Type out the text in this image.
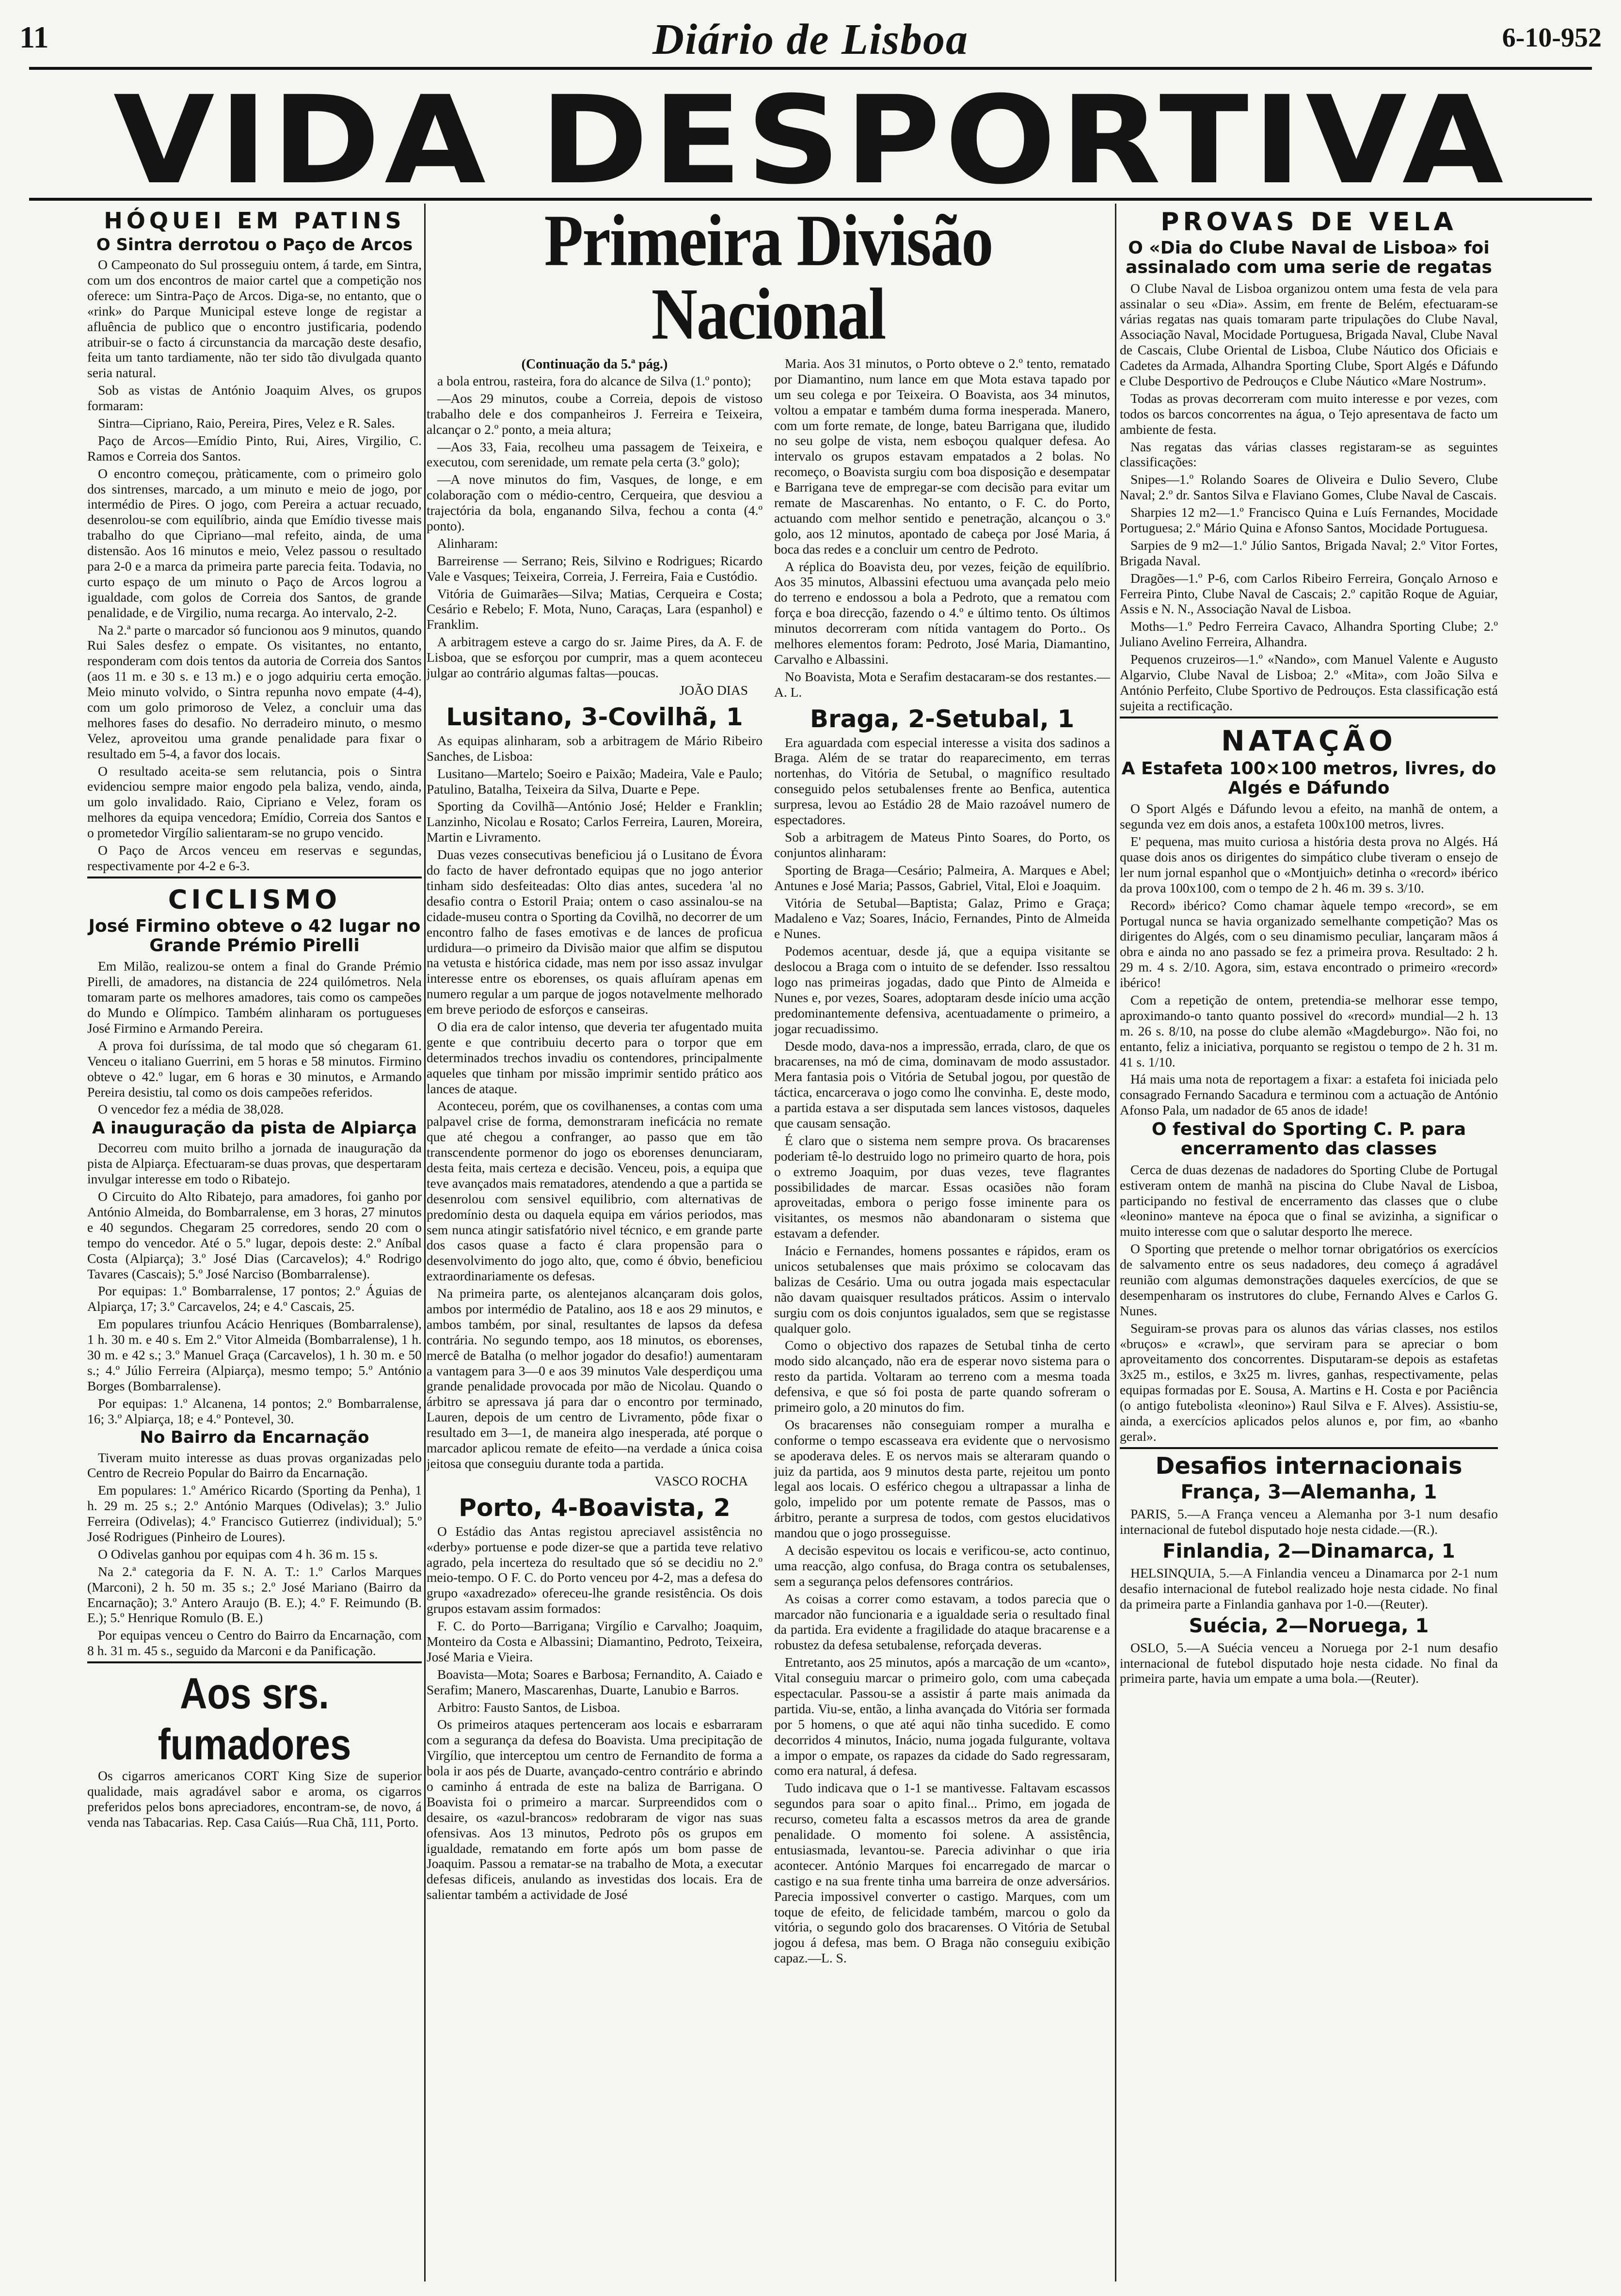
11	Diário de Lisboa	6-10-952
VIDA DESPORTIVA
HÓQUEI EM PATINS
O Sintra derrotou o Paço de Arcos

O Campeonato do Sul prosseguiu ontem, á tarde, em Sintra, com um dos encontros de maior cartel que a competição nos oferece: um Sintra-Paço de Arcos. Diga-se, no entanto, que o «rink» do Parque Municipal esteve longe de registar a afluência de publico que o encontro justificaria, podendo atribuir-se o facto á circunstancia da marcação deste desafio, feita um tanto tardiamente, não ter sido tão divulgada quanto seria natural.

Sob as vistas de António Joaquim Alves, os grupos formaram:

Sintra—Cipriano, Raio, Pereira, Pires, Velez e R. Sales.

Paço de Arcos—Emídio Pinto, Rui, Aires, Virgilio, C. Ramos e Correia dos Santos.

O encontro começou, pràticamente, com o primeiro golo dos sintrenses, marcado, a um minuto e meio de jogo, por intermédio de Pires. O jogo, com Pereira a actuar recuado, desenrolou-se com equilíbrio, ainda que Emídio tivesse mais trabalho do que Cipriano—mal refeito, ainda, de uma distensão. Aos 16 minutos e meio, Velez passou o resultado para 2-0 e a marca da primeira parte parecia feita. Todavia, no curto espaço de um minuto o Paço de Arcos logrou a igualdade, com golos de Correia dos Santos, de grande penalidade, e de Virgilio, numa recarga. Ao intervalo, 2-2.

Na 2.ª parte o marcador só funcionou aos 9 minutos, quando Rui Sales desfez o empate. Os visitantes, no entanto, responderam com dois tentos da autoria de Correia dos Santos (aos 11 m. e 30 s. e 13 m.) e o jogo adquiriu certa emoção. Meio minuto volvido, o Sintra repunha novo empate (4-4), com um golo primoroso de Velez, a concluir uma das melhores fases do desafio. No derradeiro minuto, o mesmo Velez, aproveitou uma grande penalidade para fixar o resultado em 5-4, a favor dos locais.

O resultado aceita-se sem relutancia, pois o Sintra evidenciou sempre maior engodo pela baliza, vendo, ainda, um golo invalidado. Raio, Cipriano e Velez, foram os melhores da equipa vencedora; Emídio, Correia dos Santos e o prometedor Virgílio salientaram-se no grupo vencido.

O Paço de Arcos venceu em reservas e segundas, respectivamente por 4-2 e 6-3.

CICLISMO
José Firmino obteve o 42 lugar no Grande Prémio Pirelli

Em Milão, realizou-se ontem a final do Grande Prémio Pirelli, de amadores, na distancia de 224 quilómetros. Nela tomaram parte os melhores amadores, tais como os campeões do Mundo e Olímpico. Também alinharam os portugueses José Firmino e Armando Pereira.

A prova foi duríssima, de tal modo que só chegaram 61. Venceu o italiano Guerrini, em 5 horas e 58 minutos. Firmino obteve o 42.º lugar, em 6 horas e 30 minutos, e Armando Pereira desistiu, tal como os dois campeões referidos.

O vencedor fez a média de 38,028.

A inauguração da pista de Alpiarça

Decorreu com muito brilho a jornada de inauguração da pista de Alpiarça. Efectuaram-se duas provas, que despertaram invulgar interesse em todo o Ribatejo.

O Circuito do Alto Ribatejo, para amadores, foi ganho por António Almeida, do Bombarralense, em 3 horas, 27 minutos e 40 segundos. Chegaram 25 corredores, sendo 20 com o tempo do vencedor. Até o 5.º lugar, depois deste: 2.º Aníbal Costa (Alpiarça); 3.º José Dias (Carcavelos); 4.º Rodrigo Tavares (Cascais); 5.º José Narciso (Bombarralense).

Por equipas: 1.º Bombarralense, 17 pontos; 2.º Águias de Alpiarça, 17; 3.º Carcavelos, 24; e 4.º Cascais, 25.

Em populares triunfou Acácio Henriques (Bombarralense), 1 h. 30 m. e 40 s. Em 2.º Vitor Almeida (Bombarralense), 1 h. 30 m. e 42 s.; 3.º Manuel Graça (Carcavelos), 1 h. 30 m. e 50 s.; 4.º Júlio Ferreira (Alpiarça), mesmo tempo; 5.º António Borges (Bombarralense).

Por equipas: 1.º Alcanena, 14 pontos; 2.º Bombarralense, 16; 3.º Alpiarça, 18; e 4.º Pontevel, 30.

No Bairro da Encarnação

Tiveram muito interesse as duas provas organizadas pelo Centro de Recreio Popular do Bairro da Encarnação.

Em populares: 1.º Américo Ricardo (Sporting da Penha), 1 h. 29 m. 25 s.; 2.º António Marques (Odivelas); 3.º Julio Ferreira (Odivelas); 4.º Francisco Gutierrez (individual); 5.º José Rodrigues (Pinheiro de Loures).

O Odivelas ganhou por equipas com 4 h. 36 m. 15 s.

Na 2.ª categoria da F. N. A. T.: 1.º Carlos Marques (Marconi), 2 h. 50 m. 35 s.; 2.º José Mariano (Bairro da Encarnação); 3.º Antero Araujo (B. E.); 4.º F. Reimundo (B. E.); 5.º Henrique Romulo (B. E.)

Por equipas venceu o Centro do Bairro da Encarnação, com 8 h. 31 m. 45 s., seguido da Marconi e da Panificação.

Aos srs. fumadores

Os cigarros americanos CORT King Size de superior qualidade, mais agradável sabor e aroma, os cigarros preferidos pelos bons apreciadores, encontram-se, de novo, á venda nas Tabacarias. Rep. Casa Caiús—Rua Chã, 111, Porto.

Primeira Divisão Nacional
(Continuação da 5.ª pág.)

a bola entrou, rasteira, fora do alcance de Silva (1.º ponto);

—Aos 29 minutos, coube a Correia, depois de vistoso trabalho dele e dos companheiros J. Ferreira e Teixeira, alcançar o 2.º ponto, a meia altura;

—Aos 33, Faia, recolheu uma passagem de Teixeira, e executou, com serenidade, um remate pela certa (3.º golo);

—A nove minutos do fim, Vasques, de longe, e em colaboração com o médio-centro, Cerqueira, que desviou a trajectória da bola, enganando Silva, fechou a conta (4.º ponto).

Alinharam:

Barreirense — Serrano; Reis, Silvino e Rodrigues; Ricardo Vale e Vasques; Teixeira, Correia, J. Ferreira, Faia e Custódio.

Vitória de Guimarães—Silva; Matias, Cerqueira e Costa; Cesário e Rebelo; F. Mota, Nuno, Caraças, Lara (espanhol) e Franklim.

A arbitragem esteve a cargo do sr. Jaime Pires, da A. F. de Lisboa, que se esforçou por cumprir, mas a quem aconteceu julgar ao contrário algumas faltas—poucas.

JOÃO DIAS
Lusitano, 3-Covilhã, 1

As equipas alinharam, sob a arbitragem de Mário Ribeiro Sanches, de Lisboa:

Lusitano—Martelo; Soeiro e Paixão; Madeira, Vale e Paulo; Patulino, Batalha, Teixeira da Silva, Duarte e Pepe.

Sporting da Covilhã—António José; Helder e Franklin; Lanzinho, Nicolau e Rosato; Carlos Ferreira, Lauren, Moreira, Martin e Livramento.

Duas vezes consecutivas beneficiou já o Lusitano de Évora do facto de haver defrontado equipas que no jogo anterior tinham sido desfeiteadas: Olto dias antes, sucedera 'al no desafio contra o Estoril Praia; ontem o caso assinalou-se na cidade-museu contra o Sporting da Covilhã, no decorrer de um encontro falho de fases emotivas e de lances de proficua urdidura—o primeiro da Divisão maior que alfim se disputou na vetusta e histórica cidade, mas nem por isso assaz invulgar interesse entre os eborenses, os quais afluíram apenas em numero regular a um parque de jogos notavelmente melhorado em breve periodo de esforços e canseiras.

O dia era de calor intenso, que deveria ter afugentado muita gente e que contribuiu decerto para o torpor que em determinados trechos invadiu os contendores, principalmente aqueles que tinham por missão imprimir sentido prático aos lances de ataque.

Aconteceu, porém, que os covilhanenses, a contas com uma palpavel crise de forma, demonstraram ineficácia no remate que até chegou a confranger, ao passo que em tão transcendente pormenor do jogo os eborenses denunciaram, desta feita, mais certeza e decisão. Venceu, pois, a equipa que teve avançados mais rematadores, atendendo a que a partida se desenrolou com sensivel equilibrio, com alternativas de predomínio desta ou daquela equipa em vários periodos, mas sem nunca atingir satisfatório nivel técnico, e em grande parte dos casos quase a facto é clara propensão para o desenvolvimento do jogo alto, que, como é óbvio, beneficiou extraordinariamente os defesas.

Na primeira parte, os alentejanos alcançaram dois golos, ambos por intermédio de Patalino, aos 18 e aos 29 minutos, e ambos também, por sinal, resultantes de lapsos da defesa contrária. No segundo tempo, aos 18 minutos, os eborenses, mercê de Batalha (o melhor jogador do desafio!) aumentaram a vantagem para 3—0 e aos 39 minutos Vale desperdiçou uma grande penalidade provocada por mão de Nicolau. Quando o árbitro se apressava já para dar o encontro por terminado, Lauren, depois de um centro de Livramento, pôde fixar o resultado em 3—1, de maneira algo inesperada, até porque o marcador aplicou remate de efeito—na verdade a única coisa jeitosa que conseguiu durante toda a partida.

VASCO ROCHA
Porto, 4-Boavista, 2

O Estádio das Antas registou apreciavel assistência no «derby» portuense e pode dizer-se que a partida teve relativo agrado, pela incerteza do resultado que só se decidiu no 2.º meio-tempo. O F. C. do Porto venceu por 4-2, mas a defesa do grupo «axadrezado» ofereceu-lhe grande resistência. Os dois grupos estavam assim formados:

F. C. do Porto—Barrigana; Virgílio e Carvalho; Joaquim, Monteiro da Costa e Albassini; Diamantino, Pedroto, Teixeira, José Maria e Vieira.

Boavista—Mota; Soares e Barbosa; Fernandito, A. Caiado e Serafim; Manero, Mascarenhas, Duarte, Lanubio e Barros.

Arbitro: Fausto Santos, de Lisboa.

Os primeiros ataques pertenceram aos locais e esbarraram com a segurança da defesa do Boavista. Uma precipitação de Virgílio, que interceptou um centro de Fernandito de forma a bola ir aos pés de Duarte, avançado-centro contrário e abrindo o caminho á entrada de este na baliza de Barrigana. O Boavista foi o primeiro a marcar. Surpreendidos com o desaire, os «azul-brancos» redobraram de vigor nas suas ofensivas. Aos 13 minutos, Pedroto pôs os grupos em igualdade, rematando em forte após um bom passe de Joaquim. Passou a rematar-se na trabalho de Mota, a executar defesas dificeis, anulando as investidas dos locais. Era de salientar também a actividade de José

Maria. Aos 31 minutos, o Porto obteve o 2.º tento, rematado por Diamantino, num lance em que Mota estava tapado por um seu colega e por Teixeira. O Boavista, aos 34 minutos, voltou a empatar e também duma forma inesperada. Manero, com um forte remate, de longe, bateu Barrigana que, iludido no seu golpe de vista, nem esboçou qualquer defesa. Ao intervalo os grupos estavam empatados a 2 bolas. No recomeço, o Boavista surgiu com boa disposição e desempatar e Barrigana teve de empregar-se com decisão para evitar um remate de Mascarenhas. No entanto, o F. C. do Porto, actuando com melhor sentido e penetração, alcançou o 3.º golo, aos 12 minutos, apontado de cabeça por José Maria, á boca das redes e a concluir um centro de Pedroto.

A réplica do Boavista deu, por vezes, feição de equilíbrio. Aos 35 minutos, Albassini efectuou uma avançada pelo meio do terreno e endossou a bola a Pedroto, que a rematou com força e boa direcção, fazendo o 4.º e último tento. Os últimos minutos decorreram com nítida vantagem do Porto.. Os melhores elementos foram: Pedroto, José Maria, Diamantino, Carvalho e Albassini.

No Boavista, Mota e Serafim destacaram-se dos restantes.—A. L.

Braga, 2-Setubal, 1

Era aguardada com especial interesse a visita dos sadinos a Braga. Além de se tratar do reaparecimento, em terras nortenhas, do Vitória de Setubal, o magnífico resultado conseguido pelos setubalenses frente ao Benfica, autentica surpresa, levou ao Estádio 28 de Maio razoável numero de espectadores.

Sob a arbitragem de Mateus Pinto Soares, do Porto, os conjuntos alinharam:

Sporting de Braga—Cesário; Palmeira, A. Marques e Abel; Antunes e José Maria; Passos, Gabriel, Vital, Eloi e Joaquim.

Vitória de Setubal—Baptista; Galaz, Primo e Graça; Madaleno e Vaz; Soares, Inácio, Fernandes, Pinto de Almeida e Nunes.

Podemos acentuar, desde já, que a equipa visitante se deslocou a Braga com o intuito de se defender. Isso ressaltou logo nas primeiras jogadas, dado que Pinto de Almeida e Nunes e, por vezes, Soares, adoptaram desde início uma acção predominantemente defensiva, acentuadamente o primeiro, a jogar recuadissimo.

Desde modo, dava-nos a impressão, errada, claro, de que os bracarenses, na mó de cima, dominavam de modo assustador. Mera fantasia pois o Vitória de Setubal jogou, por questão de táctica, encarcerava o jogo como lhe convinha. E, deste modo, a partida estava a ser disputada sem lances vistosos, daqueles que causam sensação.

É claro que o sistema nem sempre prova. Os bracarenses poderiam tê-lo destruido logo no primeiro quarto de hora, pois o extremo Joaquim, por duas vezes, teve flagrantes possibilidades de marcar. Essas ocasiões não foram aproveitadas, embora o perigo fosse iminente para os visitantes, os mesmos não abandonaram o sistema que estavam a defender.

Inácio e Fernandes, homens possantes e rápidos, eram os unicos setubalenses que mais próximo se colocavam das balizas de Cesário. Uma ou outra jogada mais espectacular não davam quaisquer resultados práticos. Assim o intervalo surgiu com os dois conjuntos igualados, sem que se registasse qualquer golo.

Como o objectivo dos rapazes de Setubal tinha de certo modo sido alcançado, não era de esperar novo sistema para o resto da partida. Voltaram ao terreno com a mesma toada defensiva, e que só foi posta de parte quando sofreram o primeiro golo, a 20 minutos do fim.

Os bracarenses não conseguiam romper a muralha e conforme o tempo escasseava era evidente que o nervosismo se apoderava deles. E os nervos mais se alteraram quando o juiz da partida, aos 9 minutos desta parte, rejeitou um ponto legal aos locais. O esférico chegou a ultrapassar a linha de golo, impelido por um potente remate de Passos, mas o árbitro, perante a surpresa de todos, com gestos elucidativos mandou que o jogo prosseguisse.

A decisão espevitou os locais e verificou-se, acto continuo, uma reacção, algo confusa, do Braga contra os setubalenses, sem a segurança pelos defensores contrários.

As coisas a correr como estavam, a todos parecia que o marcador não funcionaria e a igualdade seria o resultado final da partida. Era evidente a fragilidade do ataque bracarense e a robustez da defesa setubalense, reforçada deveras.

Entretanto, aos 25 minutos, após a marcação de um «canto», Vital conseguiu marcar o primeiro golo, com uma cabeçada espectacular. Passou-se a assistir á parte mais animada da partida. Viu-se, então, a linha avançada do Vitória ser formada por 5 homens, o que até aqui não tinha sucedido. E como decorridos 4 minutos, Inácio, numa jogada fulgurante, voltava a impor o empate, os rapazes da cidade do Sado regressaram, como era natural, á defesa.

Tudo indicava que o 1-1 se mantivesse. Faltavam escassos segundos para soar o apito final... Primo, em jogada de recurso, cometeu falta a escassos metros da area de grande penalidade. O momento foi solene. A assistência, entusiasmada, levantou-se. Parecia adivinhar o que iria acontecer. António Marques foi encarregado de marcar o castigo e na sua frente tinha uma barreira de onze adversários. Parecia impossivel converter o castigo. Marques, com um toque de efeito, de felicidade também, marcou o golo da vitória, o segundo golo dos bracarenses. O Vitória de Setubal jogou á defesa, mas bem. O Braga não conseguiu exibição capaz.—L. S.

PROVAS DE VELA
O «Dia do Clube Naval de Lisboa» foi assinalado com uma serie de regatas

O Clube Naval de Lisboa organizou ontem uma festa de vela para assinalar o seu «Dia». Assim, em frente de Belém, efectuaram-se várias regatas nas quais tomaram parte tripulações do Clube Naval, Associação Naval, Mocidade Portuguesa, Brigada Naval, Clube Naval de Cascais, Clube Oriental de Lisboa, Clube Náutico dos Oficiais e Cadetes da Armada, Alhandra Sporting Clube, Sport Algés e Dáfundo e Clube Desportivo de Pedrouços e Clube Náutico «Mare Nostrum».

Todas as provas decorreram com muito interesse e por vezes, com todos os barcos concorrentes na água, o Tejo apresentava de facto um ambiente de festa.

Nas regatas das várias classes registaram-se as seguintes classificações:

Snipes—1.º Rolando Soares de Oliveira e Dulio Severo, Clube Naval; 2.º dr. Santos Silva e Flaviano Gomes, Clube Naval de Cascais.

Sharpies 12 m2—1.º Francisco Quina e Luís Fernandes, Mocidade Portuguesa; 2.º Mário Quina e Afonso Santos, Mocidade Portuguesa.

Sarpies de 9 m2—1.º Júlio Santos, Brigada Naval; 2.º Vitor Fortes, Brigada Naval.

Dragões—1.º P-6, com Carlos Ribeiro Ferreira, Gonçalo Arnoso e Ferreira Pinto, Clube Naval de Cascais; 2.º capitão Roque de Aguiar, Assis e N. N., Associação Naval de Lisboa.

Moths—1.º Pedro Ferreira Cavaco, Alhandra Sporting Clube; 2.º Juliano Avelino Ferreira, Alhandra.

Pequenos cruzeiros—1.º «Nando», com Manuel Valente e Augusto Algarvio, Clube Naval de Lisboa; 2.º «Mita», com João Silva e António Perfeito, Clube Sportivo de Pedrouços. Esta classificação está sujeita a rectificação.

NATAÇÃO
A Estafeta 100×100 metros, livres, do Algés e Dáfundo

O Sport Algés e Dáfundo levou a efeito, na manhã de ontem, a segunda vez em dois anos, a estafeta 100x100 metros, livres.

E' pequena, mas muito curiosa a história desta prova no Algés. Há quase dois anos os dirigentes do simpático clube tiveram o ensejo de ler num jornal espanhol que o «Montjuich» detinha o «record» ibérico da prova 100x100, com o tempo de 2 h. 46 m. 39 s. 3/10.

Record» ibérico? Como chamar àquele tempo «record», se em Portugal nunca se havia organizado semelhante competição? Mas os dirigentes do Algés, com o seu dinamismo peculiar, lançaram mãos á obra e ainda no ano passado se fez a primeira prova. Resultado: 2 h. 29 m. 4 s. 2/10. Agora, sim, estava encontrado o primeiro «record» ibérico!

Com a repetição de ontem, pretendia-se melhorar esse tempo, aproximando-o tanto quanto possivel do «record» mundial—2 h. 13 m. 26 s. 8/10, na posse do clube alemão «Magdeburgo». Não foi, no entanto, feliz a iniciativa, porquanto se registou o tempo de 2 h. 31 m. 41 s. 1/10.

Há mais uma nota de reportagem a fixar: a estafeta foi iniciada pelo consagrado Fernando Sacadura e terminou com a actuação de António Afonso Pala, um nadador de 65 anos de idade!

O festival do Sporting C. P. para encerramento das classes

Cerca de duas dezenas de nadadores do Sporting Clube de Portugal estiveram ontem de manhã na piscina do Clube Naval de Lisboa, participando no festival de encerramento das classes que o clube «leonino» manteve na época que o final se avizinha, a significar o muito interesse com que o salutar desporto lhe merece.

O Sporting que pretende o melhor tornar obrigatórios os exercícios de salvamento entre os seus nadadores, deu começo á agradável reunião com algumas demonstrações daqueles exercícios, de que se desempenharam os instrutores do clube, Fernando Alves e Carlos G. Nunes.

Seguiram-se provas para os alunos das várias classes, nos estilos «bruços» e «crawl», que serviram para se apreciar o bom aproveitamento dos concorrentes. Disputaram-se depois as estafetas 3x25 m., estilos, e 3x25 m. livres, ganhas, respectivamente, pelas equipas formadas por E. Sousa, A. Martins e H. Costa e por Paciência (o antigo futebolista «leonino») Raul Silva e F. Alves). Assistiu-se, ainda, a exercícios aplicados pelos alunos e, por fim, ao «banho geral».

Desafios internacionais
França, 3—Alemanha, 1

PARIS, 5.—A França venceu a Alemanha por 3-1 num desafio internacional de futebol disputado hoje nesta cidade.—(R.).

Finlandia, 2—Dinamarca, 1

HELSINQUIA, 5.—A Finlandia venceu a Dinamarca por 2-1 num desafio internacional de futebol realizado hoje nesta cidade. No final da primeira parte a Finlandia ganhava por 1-0.—(Reuter).

Suécia, 2—Noruega, 1

OSLO, 5.—A Suécia venceu a Noruega por 2-1 num desafio internacional de futebol disputado hoje nesta cidade. No final da primeira parte, havia um empate a uma bola.—(Reuter).
